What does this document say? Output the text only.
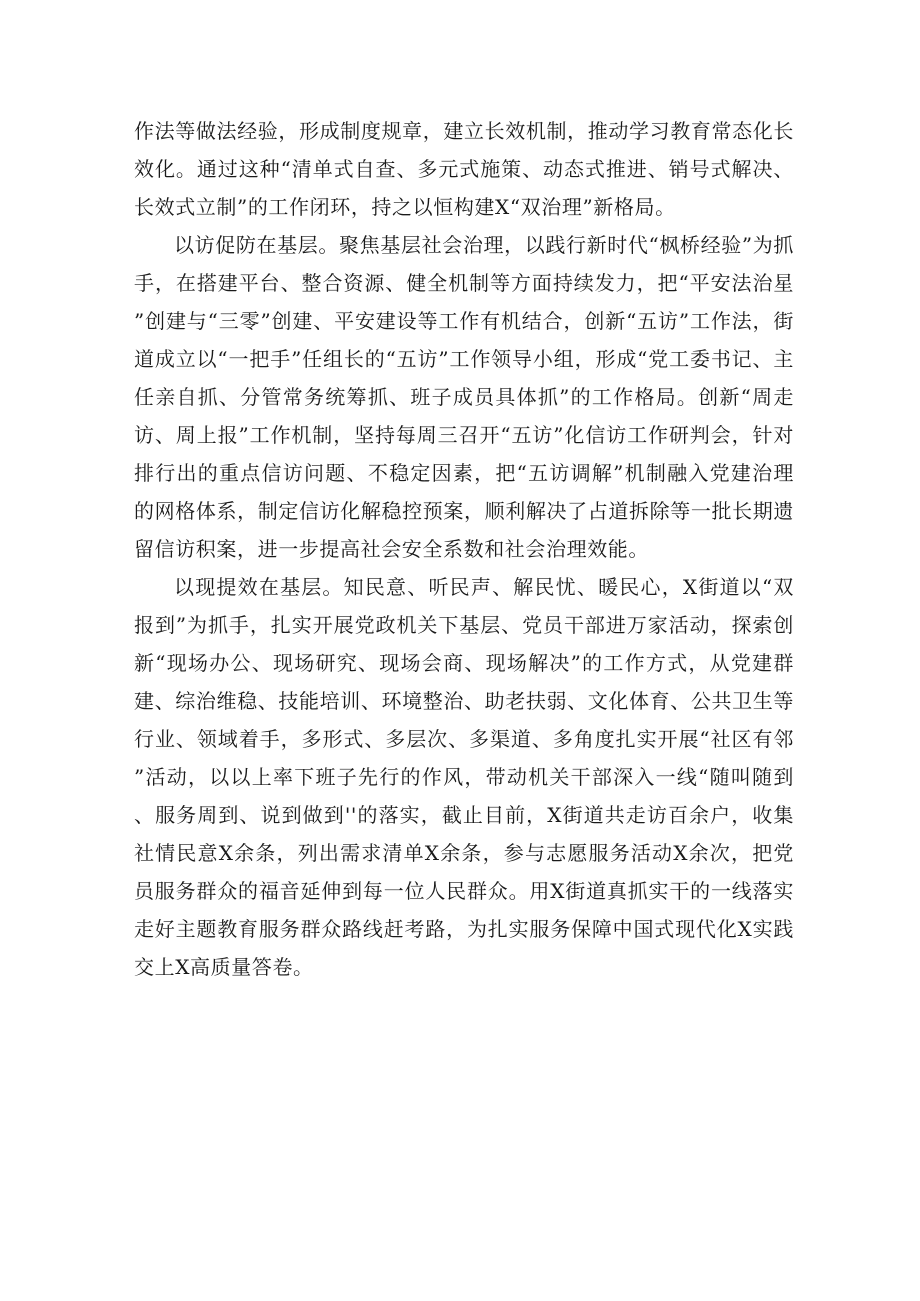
作法等做法经验，形成制度规章，建立长效机制，推动学习教育常态化长效化。通过这种“清单式自查、多元式施策、动态式推进、销号式解决、长效式立制”的工作闭环，持之以恒构建X“双治理”新格局。

以访促防在基层。聚焦基层社会治理，以践行新时代“枫桥经验”为抓手，在搭建平台、整合资源、健全机制等方面持续发力，把“平安法治星”创建与“三零”创建、平安建设等工作有机结合，创新“五访”工作法，街道成立以“一把手”任组长的“五访”工作领导小组，形成“党工委书记、主任亲自抓、分管常务统筹抓、班子成员具体抓”的工作格局。创新“周走访、周上报”工作机制，坚持每周三召开“五访”化信访工作研判会，针对排行出的重点信访问题、不稳定因素，把“五访调解”机制融入党建治理的网格体系，制定信访化解稳控预案，顺利解决了占道拆除等一批长期遗留信访积案，进一步提高社会安全系数和社会治理效能。

以现提效在基层。知民意、听民声、解民忧、暖民心，X街道以“双报到”为抓手，扎实开展党政机关下基层、党员干部进万家活动，探索创新“现场办公、现场研究、现场会商、现场解决”的工作方式，从党建群建、综治维稳、技能培训、环境整治、助老扶弱、文化体育、公共卫生等行业、领域着手，多形式、多层次、多渠道、多角度扎实开展“社区有邻”活动，以以上率下班子先行的作风，带动机关干部深入一线“随叫随到、服务周到、说到做到''的落实，截止目前，X街道共走访百余户，收集社情民意X余条，列出需求清单X余条，参与志愿服务活动X余次，把党员服务群众的福音延伸到每一位人民群众。用X街道真抓实干的一线落实走好主题教育服务群众路线赶考路，为扎实服务保障中国式现代化X实践交上X高质量答卷。
